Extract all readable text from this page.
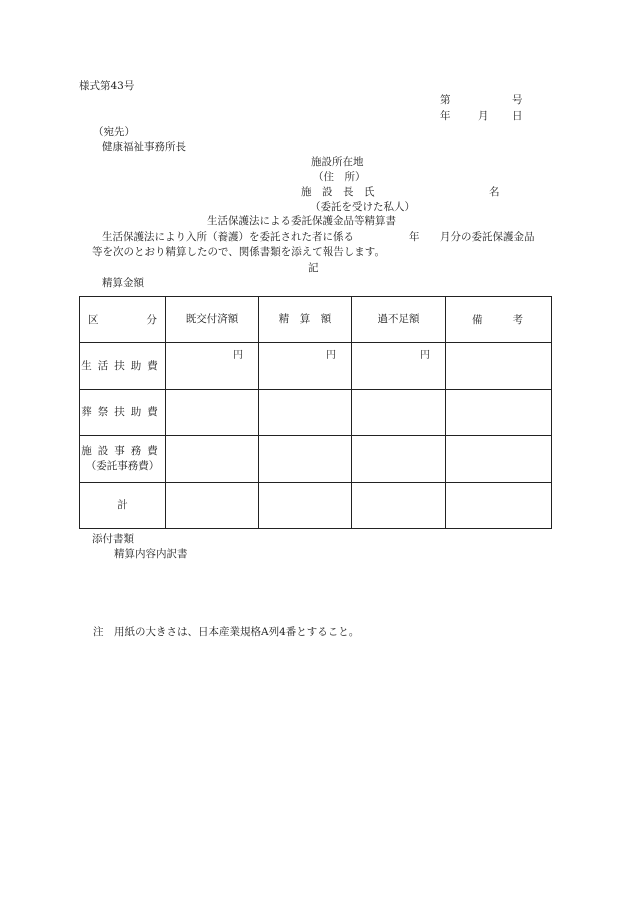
様式第43号
第	号
年	月 日
（宛先）
健康福祉事務所長
施設所在地
（住　所）
施　設　長　氏	名
（委託を受けた私人）
生活保護法による委託保護金品等精算書
生活保護法により入所（養護）を委託された者に係る	年 月分の委託保護金品
等を次のとおり精算したので、関係書類を添えて報告します。
記
精算金額
区 分	既交付済額	精　算　額	過不足額	備 考

生活扶助費	円	円	円	

葬祭扶助費				

施設事務費
（委託事務費）				

計				
添付書類
精算内容内訳書
注　用紙の大きさは、日本産業規格A列4番とすること。
